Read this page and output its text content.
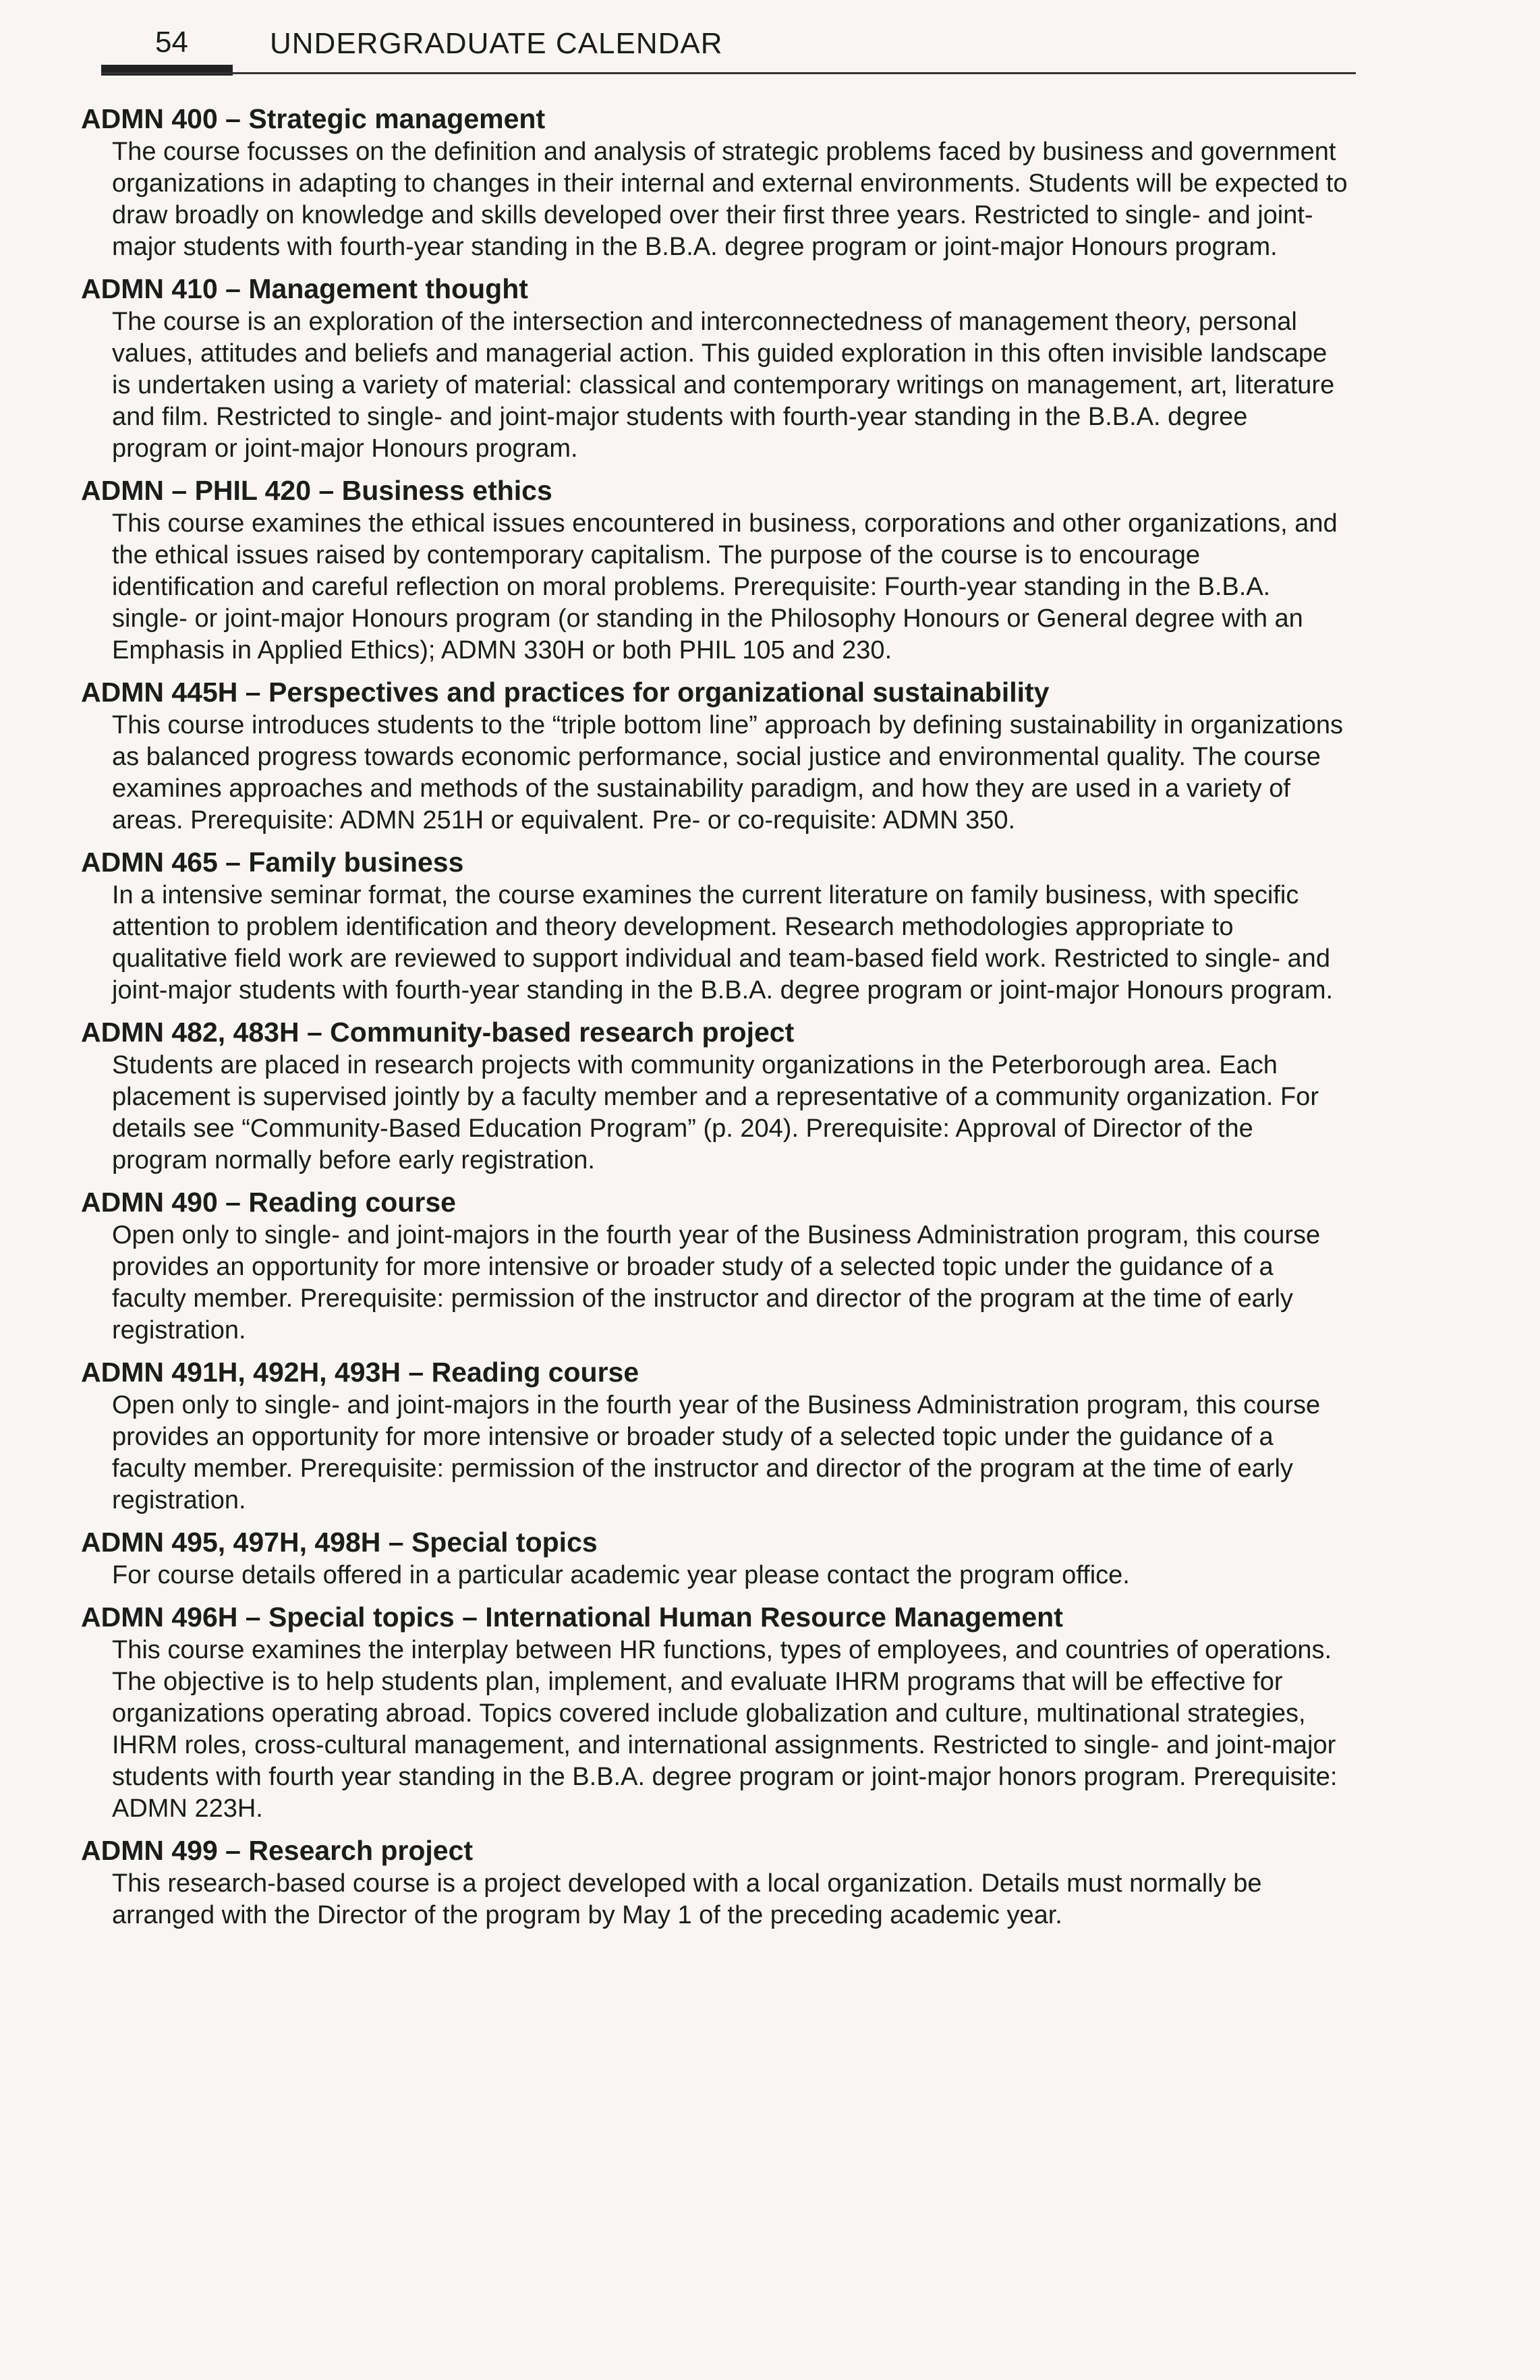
54	UNDERGRADUATE CALENDAR

ADMN 400 – Strategic management

The course focusses on the definition and analysis of strategic problems faced by business and government organizations in adapting to changes in their internal and external environments. Students will be expected to draw broadly on knowledge and skills developed over their first three years. Restricted to single- and joint-major students with fourth-year standing in the B.B.A. degree program or joint-major Honours program.

ADMN 410 – Management thought

The course is an exploration of the intersection and interconnectedness of management theory, personal values, attitudes and beliefs and managerial action. This guided exploration in this often invisible landscape is undertaken using a variety of material: classical and contemporary writings on management, art, literature and film. Restricted to single- and joint-major students with fourth-year standing in the B.B.A. degree program or joint-major Honours program.

ADMN – PHIL 420 – Business ethics

This course examines the ethical issues encountered in business, corporations and other organizations, and the ethical issues raised by contemporary capitalism. The purpose of the course is to encourage identification and careful reflection on moral problems. Prerequisite: Fourth-year standing in the B.B.A. single- or joint-major Honours program (or standing in the Philosophy Honours or General degree with an Emphasis in Applied Ethics); ADMN 330H or both PHIL 105 and 230.

ADMN 445H – Perspectives and practices for organizational sustainability

This course introduces students to the “triple bottom line” approach by defining sustainability in organizations as balanced progress towards economic performance, social justice and environmental quality. The course examines approaches and methods of the sustainability paradigm, and how they are used in a variety of areas. Prerequisite: ADMN 251H or equivalent. Pre- or co-requisite: ADMN 350.

ADMN 465 – Family business

In a intensive seminar format, the course examines the current literature on family business, with specific attention to problem identification and theory development. Research methodologies appropriate to qualitative field work are reviewed to support individual and team-based field work. Restricted to single- and joint-major students with fourth-year standing in the B.B.A. degree program or joint-major Honours program.

ADMN 482, 483H – Community-based research project

Students are placed in research projects with community organizations in the Peterborough area. Each placement is supervised jointly by a faculty member and a representative of a community organization. For details see “Community-Based Education Program” (p. 204). Prerequisite: Approval of Director of the program normally before early registration.

ADMN 490 – Reading course

Open only to single- and joint-majors in the fourth year of the Business Administration program, this course provides an opportunity for more intensive or broader study of a selected topic under the guidance of a faculty member. Prerequisite: permission of the instructor and director of the program at the time of early registration.

ADMN 491H, 492H, 493H – Reading course

Open only to single- and joint-majors in the fourth year of the Business Administration program, this course provides an opportunity for more intensive or broader study of a selected topic under the guidance of a faculty member. Prerequisite: permission of the instructor and director of the program at the time of early registration.

ADMN 495, 497H, 498H – Special topics

For course details offered in a particular academic year please contact the program office.

ADMN 496H – Special topics – International Human Resource Management

This course examines the interplay between HR functions, types of employees, and countries of operations. The objective is to help students plan, implement, and evaluate IHRM programs that will be effective for organizations operating abroad. Topics covered include globalization and culture, multinational strategies, IHRM roles, cross-cultural management, and international assignments. Restricted to single- and joint-major students with fourth year standing in the B.B.A. degree program or joint-major honors program. Prerequisite: ADMN 223H.

ADMN 499 – Research project

This research-based course is a project developed with a local organization. Details must normally be arranged with the Director of the program by May 1 of the preceding academic year.
